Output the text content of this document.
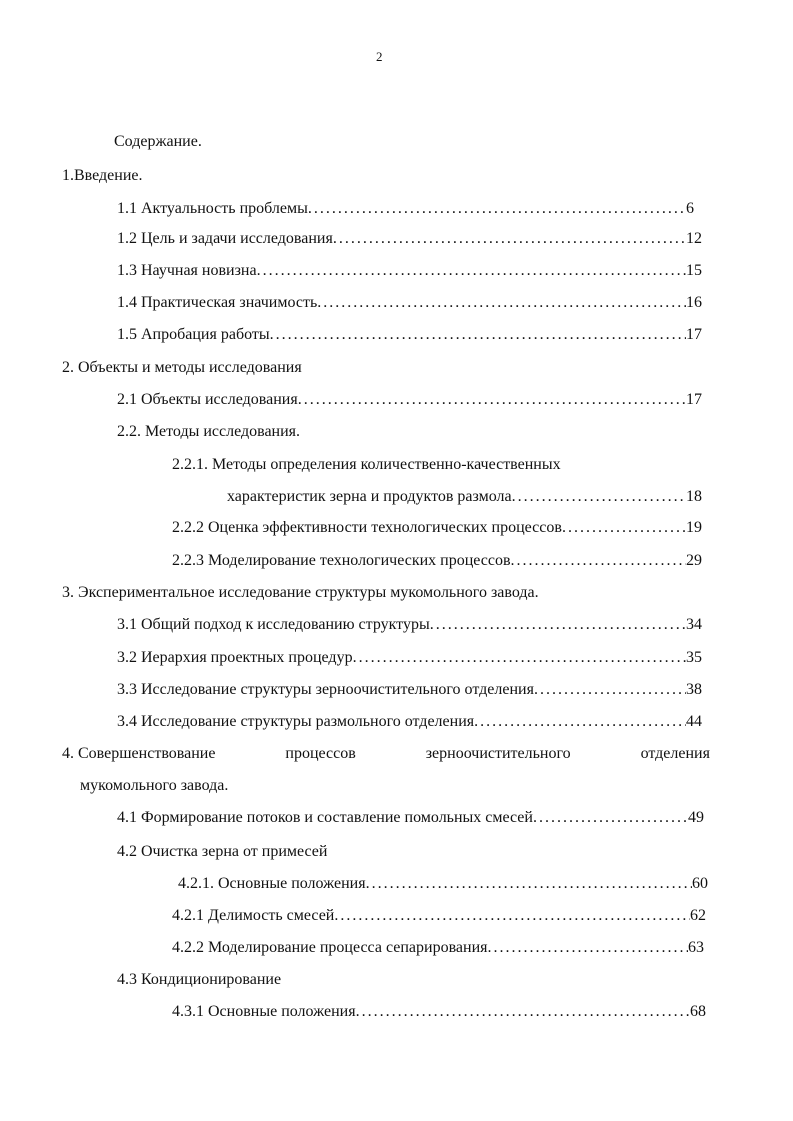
2
Содержание.
1.Введение.
1.1 Актуальность проблемы .....	6
1.2 Цель и задачи исследования .....	12
1.3 Научная новизна .....	15
1.4 Практическая значимость .....	16
1.5 Апробация работы .....	17
2. Объекты и методы исследования
2.1 Объекты исследования .....	17
2.2. Методы исследования.
2.2.1. Методы определения количественно-качественных
характеристик зерна и продуктов размола .....	18
2.2.2 Оценка эффективности технологических процессов .....	19
2.2.3 Моделирование технологических процессов .....	29
3. Экспериментальное исследование структуры мукомольного завода.
3.1 Общий подход к исследованию структуры .....	34
3.2 Иерархия проектных процедур .....	35
3.3 Исследование структуры зерноочистительного отделения .....	38
3.4 Исследование структуры размольного отделения .....	44
4. Совершенствование	процессов	зерноочистительного	отделения
мукомольного завода.
4.1 Формирование потоков и составление помольных смесей .....	49
4.2 Очистка зерна от примесей
4.2.1. Основные положения .....	60
4.2.1 Делимость смесей .....	62
4.2.2 Моделирование процесса сепарирования .....	63
4.3 Кондиционирование
4.3.1 Основные положения .....	68
